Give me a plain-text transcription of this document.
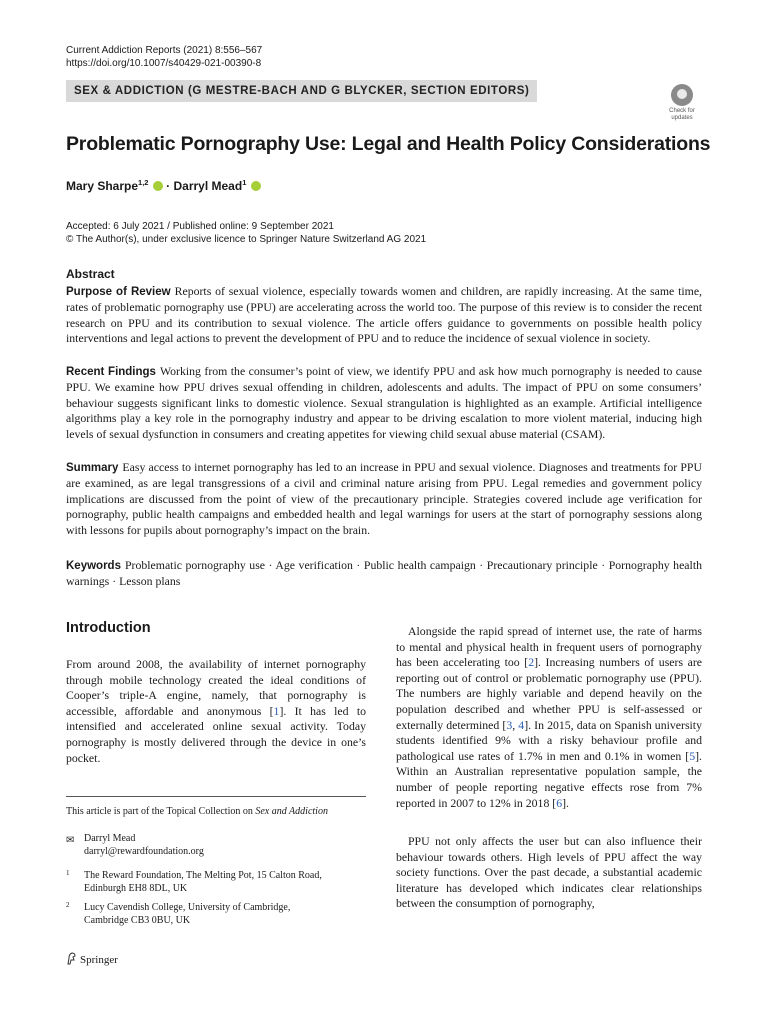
Current Addiction Reports (2021) 8:556–567
https://doi.org/10.1007/s40429-021-00390-8
SEX & ADDICTION (G MESTRE-BACH AND G BLYCKER, SECTION EDITORS)
Check for updates
Problematic Pornography Use: Legal and Health Policy Considerations
Mary Sharpe$^{1,2}$  · Darryl Mead$^1$
Accepted: 6 July 2021 / Published online: 9 September 2021
© The Author(s), under exclusive licence to Springer Nature Switzerland AG 2021
Abstract
Purpose of Review Reports of sexual violence, especially towards women and children, are rapidly increasing. At the same time, rates of problematic pornography use (PPU) are accelerating across the world too. The purpose of this review is to consider the recent research on PPU and its contribution to sexual violence. The article offers guidance to governments on possible health policy interventions and legal actions to prevent the development of PPU and to reduce the incidence of sexual violence in society.
Recent Findings Working from the consumer’s point of view, we identify PPU and ask how much pornography is needed to cause PPU. We examine how PPU drives sexual offending in children, adolescents and adults. The impact of PPU on some consumers’ behaviour suggests significant links to domestic violence. Sexual strangulation is highlighted as an example. Artificial intelligence algorithms play a key role in the pornography industry and appear to be driving escalation to more violent material, inducing high levels of sexual dysfunction in consumers and creating appetites for viewing child sexual abuse material (CSAM).
Summary Easy access to internet pornography has led to an increase in PPU and sexual violence. Diagnoses and treatments for PPU are examined, as are legal transgressions of a civil and criminal nature arising from PPU. Legal remedies and government policy implications are discussed from the point of view of the precautionary principle. Strategies covered include age verification for pornography, public health campaigns and embedded health and legal warnings for users at the start of pornography sessions along with lessons for pupils about pornography’s impact on the brain.
Keywords Problematic pornography use · Age verification · Public health campaign · Precautionary principle · Pornography health warnings · Lesson plans
Introduction
From around 2008, the availability of internet pornography through mobile technology created the ideal conditions of Cooper’s triple-A engine, namely, that pornography is accessible, affordable and anonymous [1]. It has led to intensified and accelerated online sexual activity. Today pornography is mostly delivered through the device in one’s pocket.
Alongside the rapid spread of internet use, the rate of harms to mental and physical health in frequent users of pornography has been accelerating too [2]. Increasing numbers of users are reporting out of control or problematic pornography use (PPU). The numbers are highly variable and depend heavily on the population described and whether PPU is self-assessed or externally determined [3, 4]. In 2015, data on Spanish university students identified 9% with a risky behaviour profile and pathological use rates of 1.7% in men and 0.1% in women [5]. Within an Australian representative population sample, the number of people reporting negative effects rose from 7% reported in 2007 to 12% in 2018 [6].
PPU not only affects the user but can also influence their behaviour towards others. High levels of PPU affect the way society functions. Over the past decade, a substantial academic literature has developed which indicates clear relationships between the consumption of pornography,
This article is part of the Topical Collection on Sex and Addiction
✉ Darryl Mead
darryl@rewardfoundation.org
1 The Reward Foundation, The Melting Pot, 15 Calton Road,
Edinburgh EH8 8DL, UK
2 Lucy Cavendish College, University of Cambridge,
Cambridge CB3 0BU, UK
Springer
